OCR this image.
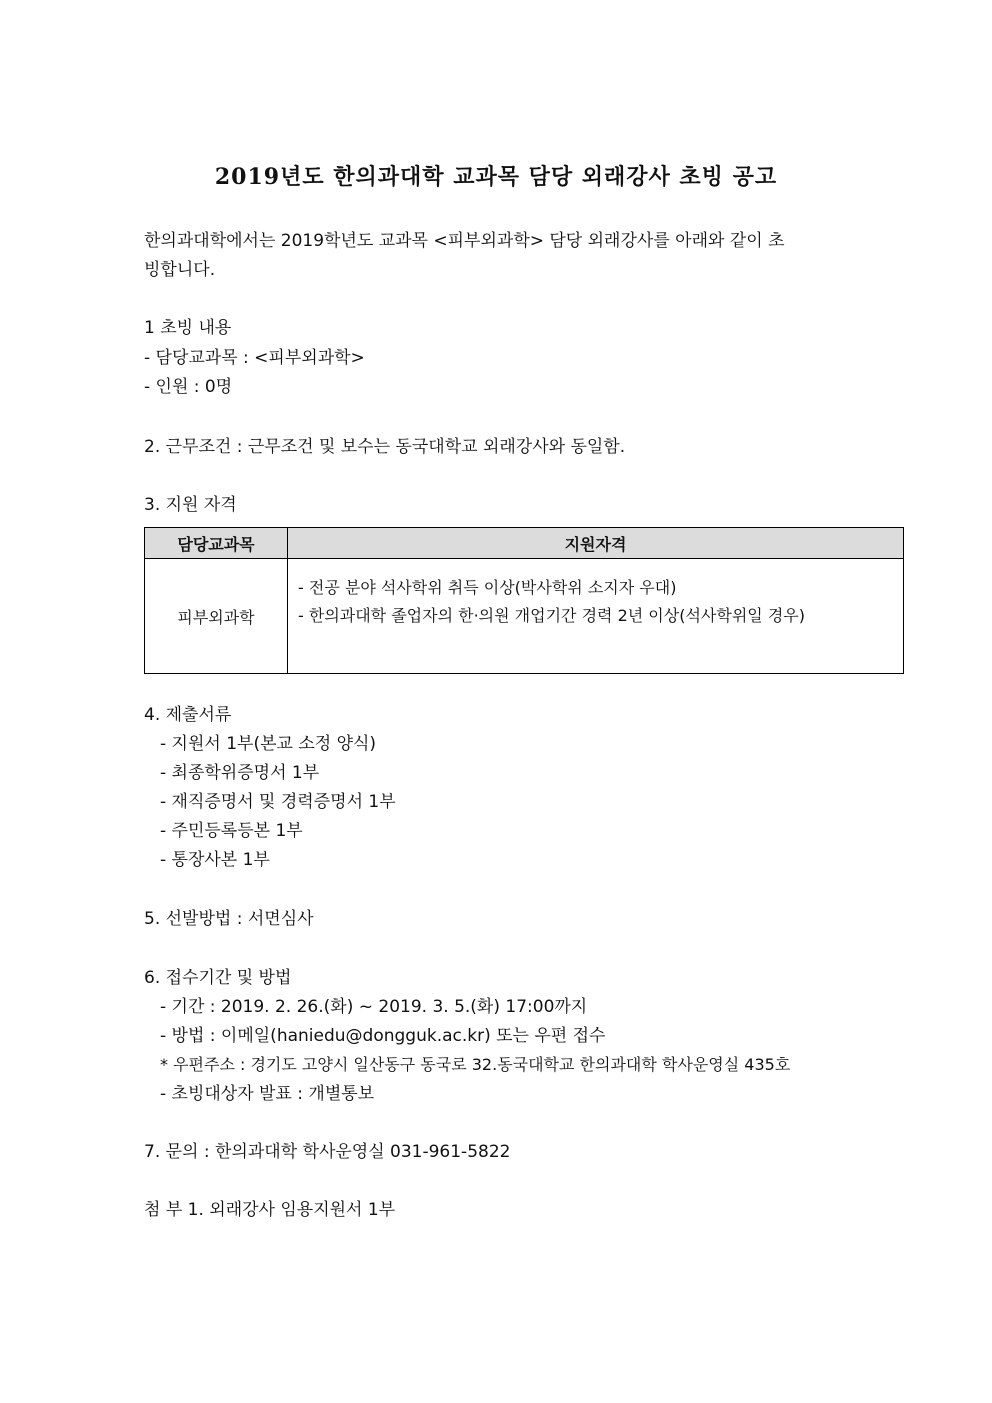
2019년도 한의과대학 교과목 담당 외래강사 초빙 공고
한의과대학에서는 2019학년도 교과목 <피부외과학> 담당 외래강사를 아래와 같이 초
빙합니다.
1 초빙 내용
- 담당교과목 : <피부외과학>
- 인원 : 0명
2. 근무조건 : 근무조건 및 보수는 동국대학교 외래강사와 동일함.
3. 지원 자격
담당교과목	지원자격
피부외과학	- 전공 분야 석사학위 취득 이상(박사학위 소지자 우대)
- 한의과대학 졸업자의 한·의원 개업기간 경력 2년 이상(석사학위일 경우)
4. 제출서류
- 지원서 1부(본교 소정 양식)
- 최종학위증명서 1부
- 재직증명서 및 경력증명서 1부
- 주민등록등본 1부
- 통장사본 1부
5. 선발방법 : 서면심사
6. 접수기간 및 방법
- 기간 : 2019. 2. 26.(화) ~ 2019. 3. 5.(화) 17:00까지
- 방법 : 이메일(haniedu@dongguk.ac.kr) 또는 우편 접수
* 우편주소 : 경기도 고양시 일산동구 동국로 32.동국대학교 한의과대학 학사운영실 435호
- 초빙대상자 발표 : 개별통보
7. 문의 : 한의과대학 학사운영실 031-961-5822
첨 부 1. 외래강사 임용지원서 1부
